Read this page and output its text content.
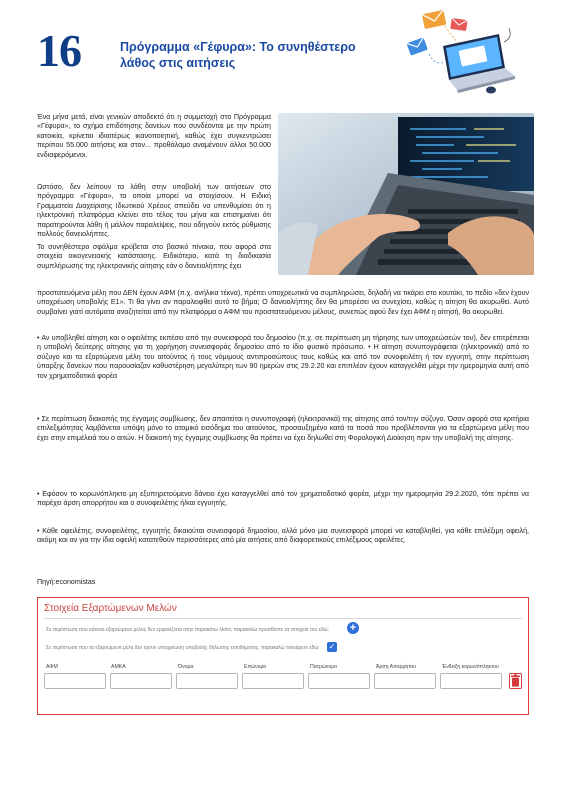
16	Πρόγραμμα «Γέφυρα»: Το συνηθέστερο
λάθος στις αιτήσεις

Ένα μήνα μετά, είναι γενικών αποδεκτό ότι η συμμετοχή στο Πρόγραμμα «Γέφυρα», το σχήμα επιδότησης δανείων που συνδέονται με την πρώτη κατοικία, κρίνεται ιδιαιτέρως ικανοποιητική, καθώς έχει συγκεντρώσει περίπου 55.000 αιτήσεις και στον... προθάλαμο αναμένουν άλλοι 50.000 ενδιαφερόμενοι.

Ωστόσο, δεν λείπουν τα λάθη στην υποβολή των αιτήσεων στο πρόγραμμα «Γέφυρα», τα οποία μπορεί να στοιχίσουν. Η Ειδική Γραμματεία Διαχείρισης Ιδιωτικού Χρέους σπεύδει να υπενθυμίσει ότι η ηλεκτρονική πλατφόρμα κλείνει στο τέλος του μήνα και επισημαίνει ότι παρατηρούνται λάθη ή μάλλον παραλείψεις, που οδηγούν εκτός ρύθμισης πολλούς δανειολήπτες.

Το συνηθέστερο σφάλμα κρύβεται στο βασικό πίνακα, που αφορά στα στοιχεία οικογενειακής κατάστασης. Ειδικότερα, κατά τη διαδικασία συμπλήρωσης της ηλεκτρονικής αίτησης εάν ο δανειολήπτης έχει

προστατευόμενα μέλη που ΔΕΝ έχουν ΑΦΜ (π.χ. ανήλικα τέκνα), πρέπει υποχρεωτικά να συμπληρώσει, δηλαδή να τικάρει στο κουτάκι, το πεδίο «δεν έχουν υποχρέωση υποβολής Ε1». Τι θα γίνει αν παραλειφθεί αυτό το βήμα; Ο δανειολήπτης δεν θα μπορέσει να συνεχίσει, καθώς η αίτηση θα ακυρωθεί. Αυτό συμβαίνει γιατί αυτόματα αναζητείται από την πλατφόρμα ο ΑΦΜ του προστατευόμενου μέλους, συνεπώς αφού δεν έχει ΑΦΜ η αίτησή, θα ακυρωθεί.

• Αν υποβληθεί αίτηση και ο οφειλέτης εκπέσει από την συνεισφορά του δημοσίου (π.χ. σε περίπτωση μη τήρησης των υποχρεώσεών του), δεν επιτρέπεται η υποβολή δεύτερης αίτησης για τη χορήγηση συνεισφοράς δημοσίου από το ίδιο φυσικό πρόσωπο. • Η αίτηση συνυπογράφεται (ηλεκτρονικά) από το σύζυγο και τα εξαρτώμενα μέλη του αιτούντος ή τους νόμιμους αντιπροσώπους τους καθώς και από τον συνοφειλέτη ή τον εγγυητή, στην περίπτωση ύπαρξης δανείων που παρουσίαζαν καθυστέρηση μεγαλύτερη των 90 ημερών στις 29.2.20 και επιπλέον έχουν καταγγελθεί μέχρι την ημερομηνία αυτή από τον χρηματοδοτικό φορέα

• Σε περίπτωση διακοπής της έγγαμης συμβίωσης, δεν απαιτείται η συνυπογραφή (ηλεκτρονικά) της αίτησης από τον/την σύζυγο. Όσον αφορά στα κριτήρια επιλεξιμότητας λαμβάνεται υπόψη μόνο το ατομικό εισόδημα του αιτούντος, προσαυξημένο κατά τα ποσά που προβλέπονται για τα εξαρτώμενα μέλη που έχει στην επιμέλειά του ο αιτών. Η διακοπή της έγγαμης συμβίωσης θα πρέπει να έχει δηλωθεί στη Φορολογική Διοίκηση πριν την υποβολή της αίτησης.

• Εφόσον το κορωνόπληκτο μη εξυπηρετούμενο δάνειο έχει καταγγελθεί από τον χρηματοδοτικό φορέα, μέχρι την ημερομηνία 29.2.2020, τότε πρέπει να παρέχει άρση απορρήτου και ο συνοφειλέτης ή/και εγγυητής.

• Κάθε οφειλέτης, συνοφειλέτης, εγγυητής δικαιούται συνεισφορά δημοσίου, αλλά μόνο μια συνεισφορά μπορεί να καταβληθεί, για κάθε επιλέξιμη οφειλή, ακόμη και αν για την ίδια οφειλή κατατεθούν περισσότερες από μία αιτήσεις από διαφορετικούς επιλέξιμους οφειλέτες.

Πηγή:economistas

Στοιχεία Εξαρτώμενων Μελών
Σε περίπτωση που κάποιο εξαρτώμενο μέλος δεν εμφανίζεται στην παρακάτω λίστα, παρακαλώ προσθέστε τα στοιχεία του εδώ: +
Σε περίπτωση που τα εξαρτώμενα μέλη δεν έχουν υποχρέωση υποβολής δήλωσης εισοδήματος, παρακαλώ τσεκάρετε εδώ: ✓
ΑΦΜ	ΑΜΚΑ	Όνομα	Επώνυμο	Πατρώνυμο	Άρση Απορρήτου	Ένδειξη κορωνόπληκτου
